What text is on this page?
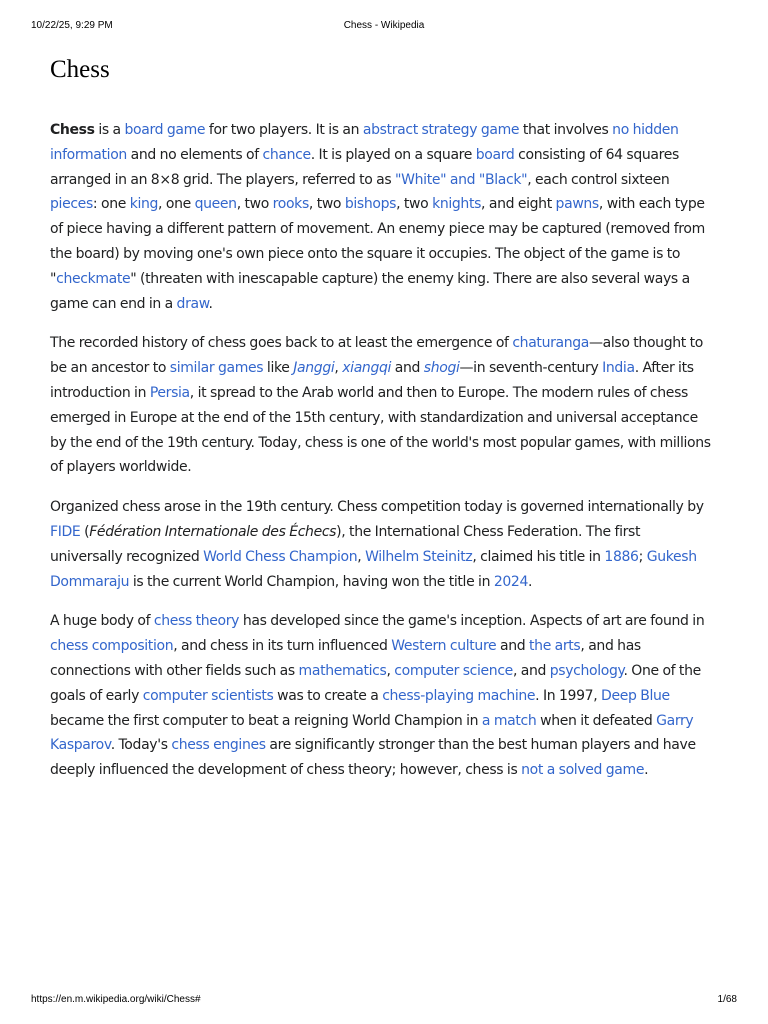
10/22/25, 9:29 PM	Chess - Wikipedia
Chess

Chess is a board game for two players. It is an abstract strategy game that involves no hidden information and no elements of chance. It is played on a square board consisting of 64 squares arranged in an 8×8 grid. The players, referred to as "White" and "Black", each control sixteen pieces: one king, one queen, two rooks, two bishops, two knights, and eight pawns, with each type of piece having a different pattern of movement. An enemy piece may be captured (removed from the board) by moving one's own piece onto the square it occupies. The object of the game is to "checkmate" (threaten with inescapable capture) the enemy king. There are also several ways a game can end in a draw.

The recorded history of chess goes back to at least the emergence of chaturanga—also thought to be an ancestor to similar games like Janggi, xiangqi and shogi—in seventh-century India. After its introduction in Persia, it spread to the Arab world and then to Europe. The modern rules of chess emerged in Europe at the end of the 15th century, with standardization and universal acceptance by the end of the 19th century. Today, chess is one of the world's most popular games, with millions of players worldwide.

Organized chess arose in the 19th century. Chess competition today is governed internationally by FIDE (Fédération Internationale des Échecs), the International Chess Federation. The first universally recognized World Chess Champion, Wilhelm Steinitz, claimed his title in 1886; Gukesh Dommaraju is the current World Champion, having won the title in 2024.

A huge body of chess theory has developed since the game's inception. Aspects of art are found in chess composition, and chess in its turn influenced Western culture and the arts, and has connections with other fields such as mathematics, computer science, and psychology. One of the goals of early computer scientists was to create a chess-playing machine. In 1997, Deep Blue became the first computer to beat a reigning World Champion in a match when it defeated Garry Kasparov. Today's chess engines are significantly stronger than the best human players and have deeply influenced the development of chess theory; however, chess is not a solved game.

https://en.m.wikipedia.org/wiki/Chess#	1/68
